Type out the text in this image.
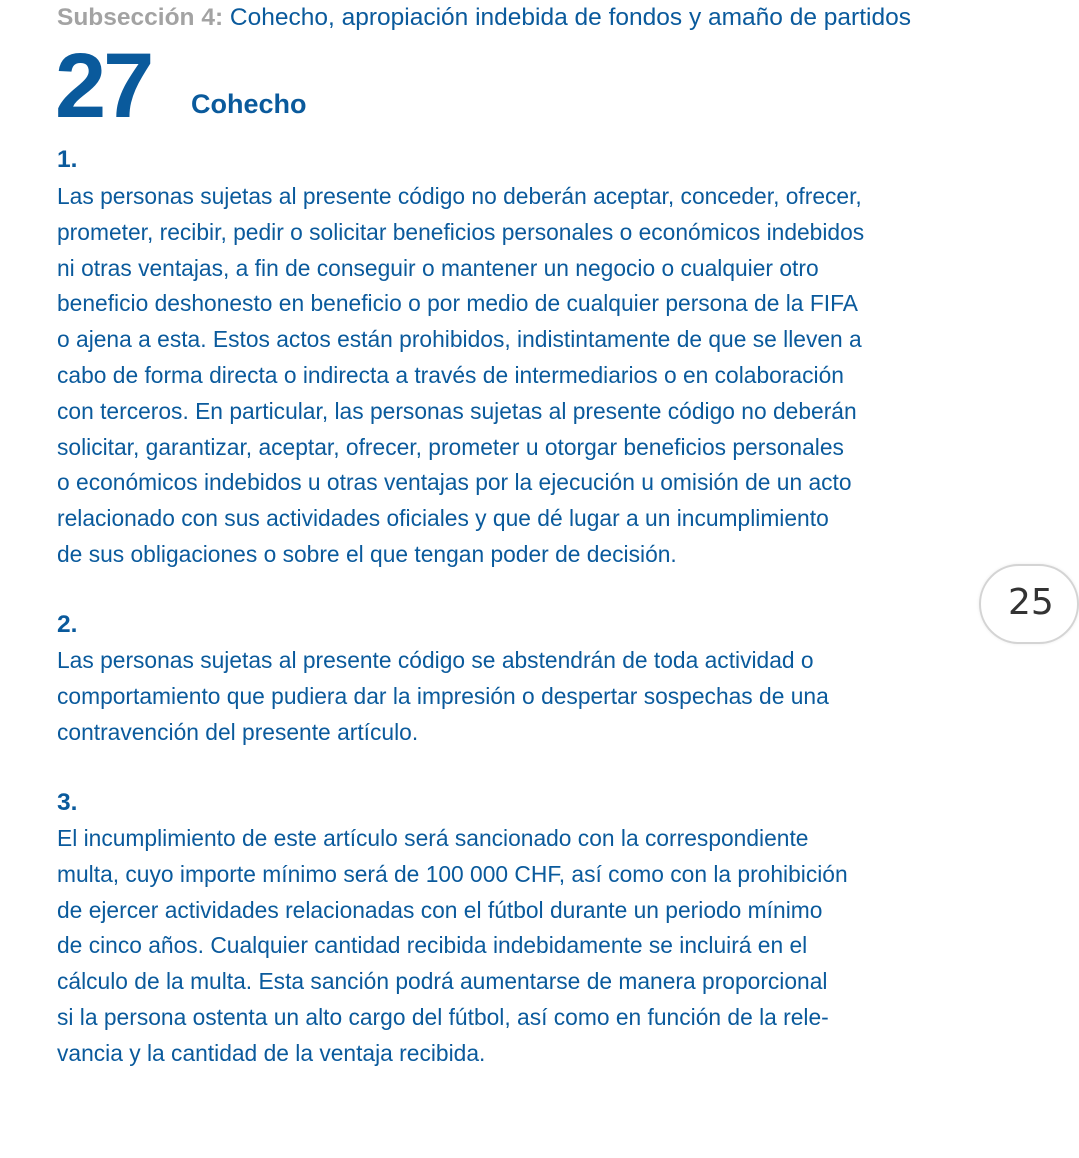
Subsección 4: Cohecho, apropiación indebida de fondos y amaño de partidos
27 Cohecho
1.
Las personas sujetas al presente código no deberán aceptar, conceder, ofrecer,
prometer, recibir, pedir o solicitar beneficios personales o económicos indebidos
ni otras ventajas, a fin de conseguir o mantener un negocio o cualquier otro
beneficio deshonesto en beneficio o por medio de cualquier persona de la FIFA
o ajena a esta. Estos actos están prohibidos, indistintamente de que se lleven a
cabo de forma directa o indirecta a través de intermediarios o en colaboración
con terceros. En particular, las personas sujetas al presente código no deberán
solicitar, garantizar, aceptar, ofrecer, prometer u otorgar beneficios personales
o económicos indebidos u otras ventajas por la ejecución u omisión de un acto
relacionado con sus actividades oficiales y que dé lugar a un incumplimiento
de sus obligaciones o sobre el que tengan poder de decisión.
2.
Las personas sujetas al presente código se abstendrán de toda actividad o
comportamiento que pudiera dar la impresión o despertar sospechas de una
contravención del presente artículo.
3.
El incumplimiento de este artículo será sancionado con la correspondiente
multa, cuyo importe mínimo será de 100 000 CHF, así como con la prohibición
de ejercer actividades relacionadas con el fútbol durante un periodo mínimo
de cinco años. Cualquier cantidad recibida indebidamente se incluirá en el
cálculo de la multa. Esta sanción podrá aumentarse de manera proporcional
si la persona ostenta un alto cargo del fútbol, así como en función de la rele-
vancia y la cantidad de la ventaja recibida.
25
